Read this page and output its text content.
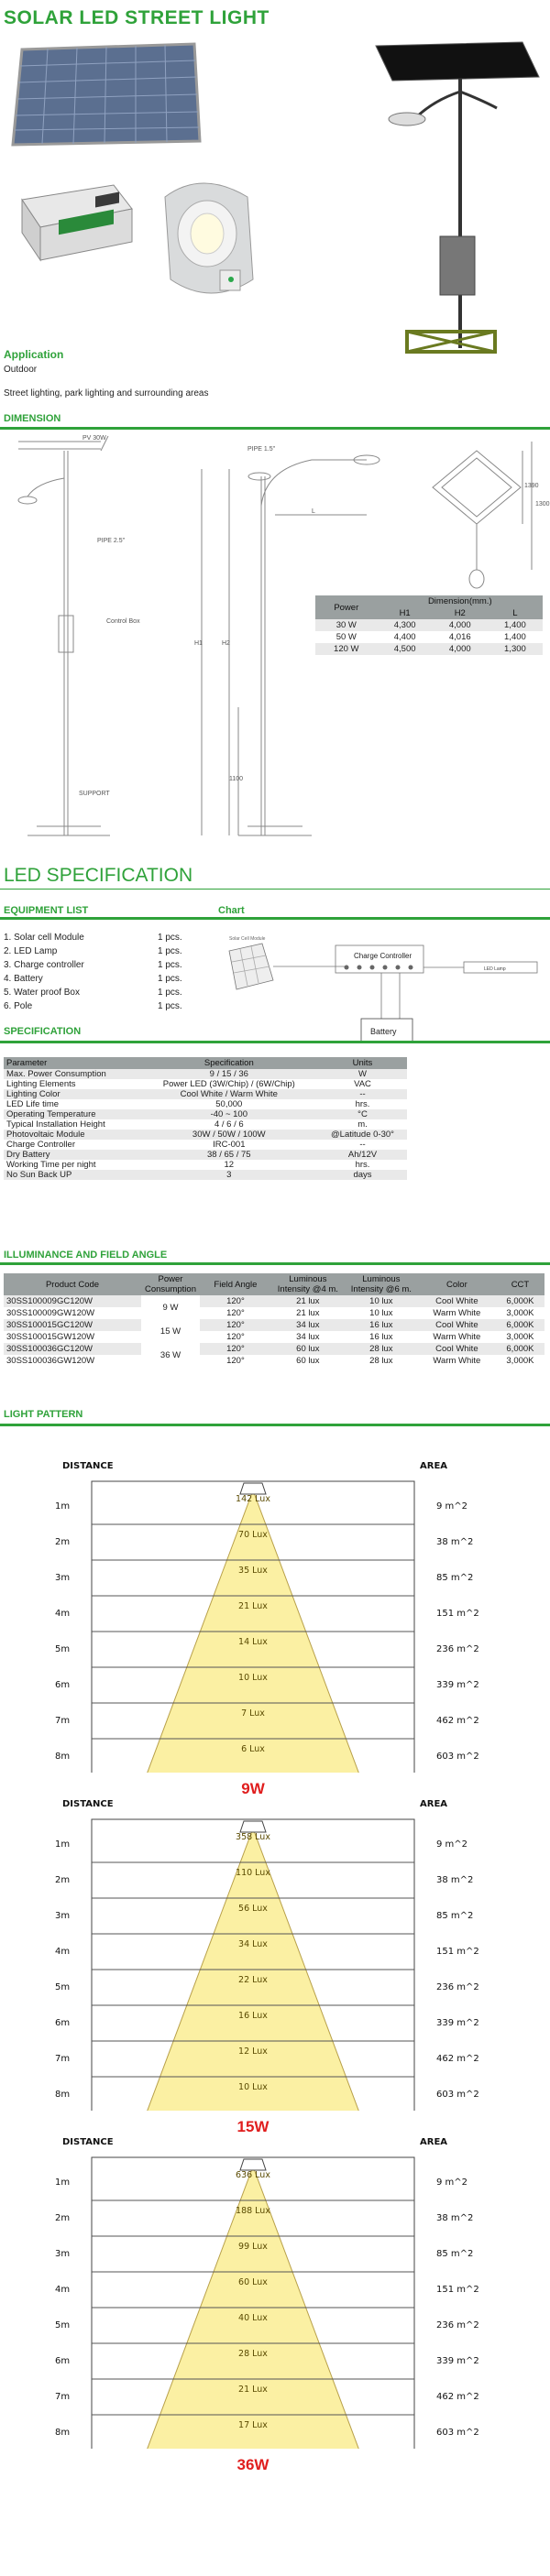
SOLAR LED STREET LIGHT
Application
Outdoor
Street lighting, park lighting and surrounding areas
DIMENSION
PV 30W
PIPE 2.5"
Control Box
SUPPORT
PIPE 1.5"
H1	H2
L
1100
1390
1300
Power	Dimension(mm.)		
	H1	H2	L
30 W	4,300	4,000	1,400
50 W	4,400	4,016	1,400
120 W	4,500	4,000	1,300
LED SPECIFICATION
EQUIPMENT LIST	Chart
1. Solar cell Module	1 pcs.
2. LED Lamp	1 pcs.
3. Charge controller	1 pcs.
4. Battery	1 pcs.
5. Water proof Box	1 pcs.
6. Pole	1 pcs.
Solar Cell Module
Charge Controller
LED Lamp
Battery
SPECIFICATION
Parameter	Specification	Units
Max. Power Consumption	9 / 15 / 36	W
Lighting Elements	Power LED (3W/Chip) / (6W/Chip)	VAC
Lighting Color	Cool White / Warm White	--
LED Life time	50,000	hrs.
Operating Temperature	-40 ~ 100	°C
Typical Installation Height	4 / 6 / 6	m.
Photovoltaic Module	30W / 50W / 100W	@Latitude 0-30°
Charge Controller	IRC-001	--
Dry Battery	38 / 65 / 75	Ah/12V
Working Time per night	12	hrs.
No Sun Back UP	3	days
ILLUMINANCE AND FIELD ANGLE
Product Code	Power Consumption	Field Angle	Luminous Intensity @4 m.	Luminous Intensity @6 m.	Color	CCT
30SS100009GC120W	9 W	120°	21 lux	10 lux	Cool White	6,000K
30SS100009GW120W		120°	21 lux	10 lux	Warm White	3,000K
30SS100015GC120W	15 W	120°	34 lux	16 lux	Cool White	6,000K
30SS100015GW120W		120°	34 lux	16 lux	Warm White	3,000K
30SS100036GC120W	36 W	120°	60 lux	28 lux	Cool White	6,000K
30SS100036GW120W		120°	60 lux	28 lux	Warm White	3,000K
LIGHT PATTERN
DISTANCE	AREA
1m
142 Lux
9 m^2
2m
70 Lux
38 m^2
3m
35 Lux
85 m^2
4m
21 Lux
151 m^2
5m
14 Lux
236 m^2
6m
10 Lux
339 m^2
7m
7 Lux
462 m^2
8m
6 Lux
603 m^2
9W
DISTANCE	AREA
1m
358 Lux
9 m^2
2m
110 Lux
38 m^2
3m
56 Lux
85 m^2
4m
34 Lux
151 m^2
5m
22 Lux
236 m^2
6m
16 Lux
339 m^2
7m
12 Lux
462 m^2
8m
10 Lux
603 m^2
15W
DISTANCE	AREA
1m
636 Lux
9 m^2
2m
188 Lux
38 m^2
3m
99 Lux
85 m^2
4m
60 Lux
151 m^2
5m
40 Lux
236 m^2
6m
28 Lux
339 m^2
7m
21 Lux
462 m^2
8m
17 Lux
603 m^2
36W
